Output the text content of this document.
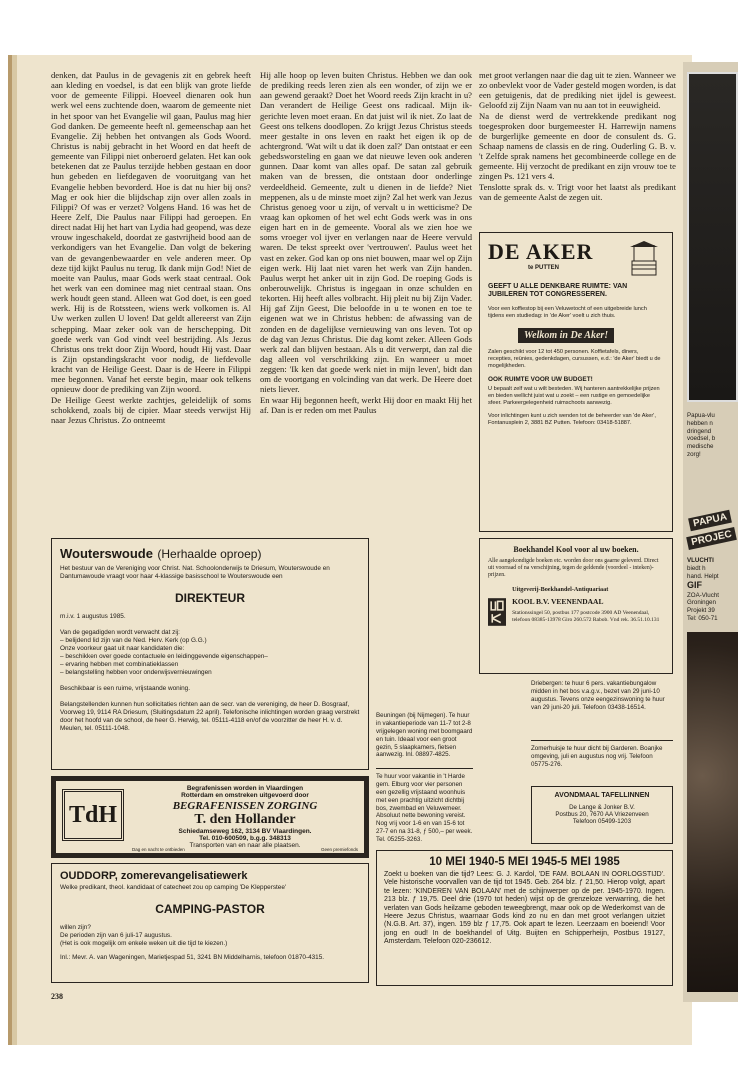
denken, dat Paulus in de gevagenis zit en gebrek heeft aan kleding en voedsel, is dat een blijk van grote liefde voor de gemeente Filippi. Hoeveel dienaren ook hun werk wel eens zuchtende doen, waarom de gemeente niet in het spoor van het Evangelie wil gaan, Paulus mag hier God danken. De gemeente heeft nl. gemeenschap aan het Evangelie. Zij hebben het ontvangen als Gods Woord. Christus is nabij gebracht in het Woord en dat heeft de gemeente van Filippi niet onberoerd gelaten. Het kan ook betekenen dat ze Paulus terzijde hebben gestaan en door hun gebeden en liefdegaven de vooruitgang van het Evangelie hebben bevorderd. Hoe is dat nu hier bij ons? Mag er ook hier die blijdschap zijn over allen zoals in Filippi? Of was er verzet? Volgens Hand. 16 was het de Heere Zelf, Die Paulus naar Filippi had geroepen. En direct nadat Hij het hart van Lydia had geopend, was deze vrouw ingeschakeld, doordat ze gastvrijheid bood aan de verkondigers van het Evangelie. Dan volgt de bekering van de gevangenbewaarder en vele anderen meer. Op deze tijd kijkt Paulus nu terug. Ik dank mijn God! Niet de moeite van Paulus, maar Gods werk staat centraal. Ook het werk van een dominee mag niet centraal staan. Ons werk houdt geen stand. Alleen wat God doet, is een goed werk. Hij is de Rotssteen, wiens werk volkomen is. Al Uw werken zullen U loven! Dat geldt allereerst van Zijn schepping. Maar zeker ook van de herschepping. Dit goede werk van God vindt veel bestrijding. Als Jezus Christus ons trekt door Zijn Woord, houdt Hij vast. Daar is Zijn opstandingskracht voor nodig, de liefdevolle kracht van de Heilige Geest. Daar is de Heere in Filippi mee begonnen. Vanaf het eerste begin, maar ook telkens opnieuw door de prediking van Zijn woord.
De Heilige Geest werkte zachtjes, geleidelijk of soms schokkend, zoals bij de cipier. Maar steeds verwijst Hij naar Jezus Christus. Zo ontneemt

Hij alle hoop op leven buiten Christus. Hebben we dan ook de prediking reeds leren zien als een wonder, of zijn we er aan gewend geraakt? Doet het Woord reeds Zijn kracht in u? Dan verandert de Heilige Geest ons radicaal. Mijn ik-gerichte leven moet eraan. En dat juist wil ik niet. Zo laat de Geest ons telkens doodlopen. Zo krijgt Jezus Christus steeds meer gestalte in ons leven en raakt het eigen ik op de achtergrond. 'Wat wilt u dat ik doen zal?' Dan ontstaat er een gebedsworsteling en gaan we dat nieuwe leven ook anderen gunnen. Daar komt van alles opaf. De satan zal gebruik maken van de bressen, die ontstaan door onderlinge verdeeldheid. Gemeente, zult u dienen in de liefde? Niet meppenen, als u de minste moet zijn? Zal het werk van Jezus Christus genoeg voor u zijn, of vervalt u in wetticisme? De vraag kan opkomen of het wel echt Gods werk was in ons eigen hart en in de gemeente. Vooral als we zien hoe we soms vroeger vol ijver en verlangen naar de Heere vervuld waren. De tekst spreekt over 'vertrouwen'. Paulus weet het vast en zeker. God kan op ons niet bouwen, maar wel op Zijn eigen werk. Hij laat niet varen het werk van Zijn handen. Paulus werpt het anker uit in zijn God. De roeping Gods is onberouwelijk. Christus is ingegaan in onze schulden en tekorten. Hij heeft alles volbracht. Hij pleit nu bij Zijn Vader. Hij gaf Zijn Geest, Die beloofde in u te wonen en toe te eigenen wat we in Christus hebben: de afwassing van de zonden en de dagelijkse vernieuwing van ons leven. Tot op de dag van Jezus Christus. Die dag komt zeker. Alleen Gods werk zal dan blijven bestaan. Als u dit verwerpt, dan zal die dag alleen vol verschrikking zijn. En wanneer u moet zeggen: 'Ik ken dat goede werk niet in mijn leven', bidt dan om de voortgang en volcinding van dat werk. De Heere doet niets liever.
En waar Hij begonnen heeft, werkt Hij door en maakt Hij het af. Dan is er reden om met Paulus

met groot verlangen naar die dag uit te zien. Wanneer we zo onbevlekt voor de Vader gesteld mogen worden, is dat een getuigenis, dat de prediking niet ijdel is geweest. Geloofd zij Zijn Naam van nu aan tot in eeuwigheid.
Na de dienst werd de vertrekkende predikant nog toegesproken door burgemeester H. Harrewijn namens de burgerlijke gemeente en door de consulent ds. G. Schaap namens de classis en de ring. Ouderling G. B. v. 't Zelfde sprak namens het gecombineerde college en de gemeente. Hij verzocht de predikant en zijn vrouw toe te zingen Ps. 121 vers 4.
Tenslotte sprak ds. v. Trigt voor het laatst als predikant van de gemeente Aalst de zegen uit.

DE AKER
te PUTTEN
GEEFT U ALLE DENKBARE RUIMTE: VAN JUBILEREN TOT CONGRESSEREN.
Voor een koffiestop bij een Veluwetocht of een uitgebreide lunch tijdens een studiedag: in 'de Aker' voelt u zich thuis.
Welkom in De Aker!
Zalen geschikt voor 12 tot 450 personen. Koffietafels, diners, recepties, reünies, gedenkdagen, cursussen, e.d.: 'de Aker' biedt u de mogelijkheden.
OOK RUIMTE VOOR UW BUDGET!
U bepaalt zelf wat u wilt besteden. Wij hanteren aantrekkelijke prijzen en bieden wellicht juist wat u zoekt – een rustige en gemoedelijke sfeer. Parkeergelegenheid ruimschoots aanwezig.
Voor inlichtingen kunt u zich wenden tot de beheerder van 'de Aker', Fontanusplein 2, 3881 BZ Putten. Telefoon: 03418-51887.
Wouterswoude (Herhaalde oproep)
Het bestuur van de Vereniging voor Christ. Nat. Schoolonderwijs te Driesum, Wouterswoude en Dantumawoude vraagt voor haar 4-klassige basisschool te Wouterswoude een
DIREKTEUR
m.i.v. 1 augustus 1985.
Van de gegadigden wordt verwacht dat zij:
– belijdend lid zijn van de Ned. Herv. Kerk (op G.G.)
Onze voorkeur gaat uit naar kandidaten die:
– beschikken over goede contactuele en leidinggevende eigenschappen–
– ervaring hebben met combinatieklassen
– belangstelling hebben voor onderwijsvernieuwingen
Beschikbaar is een ruime, vrijstaande woning.
Belangstellenden kunnen hun sollicitaties richten aan de secr. van de vereniging, de heer D. Bosgraaf, Voorweg 19, 9114 RA Driesum, (Sluitingsdatum 22 april). Telefonische inlichtingen worden graag verstrekt door het hoofd van de school, de heer G. Herwig, tel. 05111-4118 en/of de voorzitter de heer H. v. d. Meulen, tel. 05111-1048.
TdH
Begrafenissen worden in Vlaardingen
Rotterdam en omstreken uitgevoerd door
BEGRAFENISSEN ZORGING
T. den Hollander
Schiedamseweg 162, 3134 BV Vlaardingen.
Tel. 010-600509, b.g.g. 348313
Transporten van en naar alle plaatsen.
Dag en nacht te ontbieden	Geen premiefonds
OUDDORP, zomerevangelisatiewerk
Welke predikant, theol. kandidaat of catecheet zou op camping 'De Klepperstee'
CAMPING-PASTOR
willen zijn?
De perioden zijn van 6 juli-17 augustus.
(Het is ook mogelijk om enkele weken uit die tijd te kiezen.)
Inl.: Mevr. A. van Wageningen, Marietjespad 51, 3241 BN Middelharnis, telefoon 01870-4315.
Boekhandel Kool voor al uw boeken.
Alle aangekondigde boeken etc. worden door ons gaarne geleverd. Direct uit voorraad of na verschijning, tegen de geldende (voordeel - inteken)-prijzen.
Uitgeverij-Boekhandel-Antiquariaat
KOOL B.V. VEENENDAAL
Stationssingel 50, postbus 177 postcode 3900 AD Veenendaal, telefoon 08385-13978 Giro 260.572 Rabob. Vnd rek. 36.51.10.131
Beuningen (bij Nijmegen). Te huur in vakantieperiode van 11-7 tot 2-8 vrijgelegen woning met boomgaard en tuin. Ideaal voor een groot gezin, 5 slaapkamers, fietsen aanwezig. Inl. 08897-4825.
Driebergen: te huur 6 pers. vakantiebungalow midden in het bos v.a.g.v., bezet van 29 juni-10 augustus. Tevens onze eengezinswoning te huur van 29 juni-20 juli. Telefoon 03438-16514.
Te huur voor vakantie in 't Harde gem. Elburg voor vier personen een gezellig vrijstaand woonhuis met een prachtig uitzicht dichtbij bos, zwembad en Veluwemeer. Absoluut nette bewoning vereist. Nog vrij voor 1-6 en van 15-6 tot 27-7 en na 31-8, ƒ 500,– per week. Tel. 05255-3263.
Zomerhuisje te huur dicht bij Garderen. Boanjke omgeving, juli en augustus nog vrij. Telefoon 05775-276.
AVONDMAAL TAFELLINNEN
De Lange & Jonker B.V.
Postbus 20, 7670 AA Vriezenveen
Telefoon 05499-1203
10 MEI 1940-5 MEI 1945-5 MEI 1985
Zoekt u boeken van die tijd? Lees: G. J. Kardol, 'DE FAM. BOLAAN IN OORLOGSTIJD'. Vele historische voorvallen van de tijd tot 1945. Geb. 264 blz. ƒ 21,50. Hierop volgt, apart te lezen: 'KINDEREN VAN BOLAAN' met de schijnwerper op de per. 1945-1970. Ingen. 213 blz. ƒ 19,75. Deel drie (1970 tot heden) wijst op de grenzeloze verwarring, die het verlaten van Gods heilzame geboden teweegbrengt, maar ook op de Wederkomst van de Heere Jezus Christus, waarnaar Gods kind zo nu en dan met groot verlangen uitziet (N.G.B. Art. 37), ingen. 159 blz ƒ 17,75. Ook apart te lezen. Leerzaam en boeiend! Voor jong en oud! In de boekhandel of Uitg. Buijten en Schipperheijn, Postbus 19127, Amsterdam. Telefoon 020-236612.
238
Papua-vlu
hebben n
dringend
voedsel, b
medische
zorg!
PAPUA
PROJEC
VLUCHTI
biedt h
hand. Helpt
GIF
ZOA-Vlucht
Groningen
Projekt 39
Tel: 050-71
